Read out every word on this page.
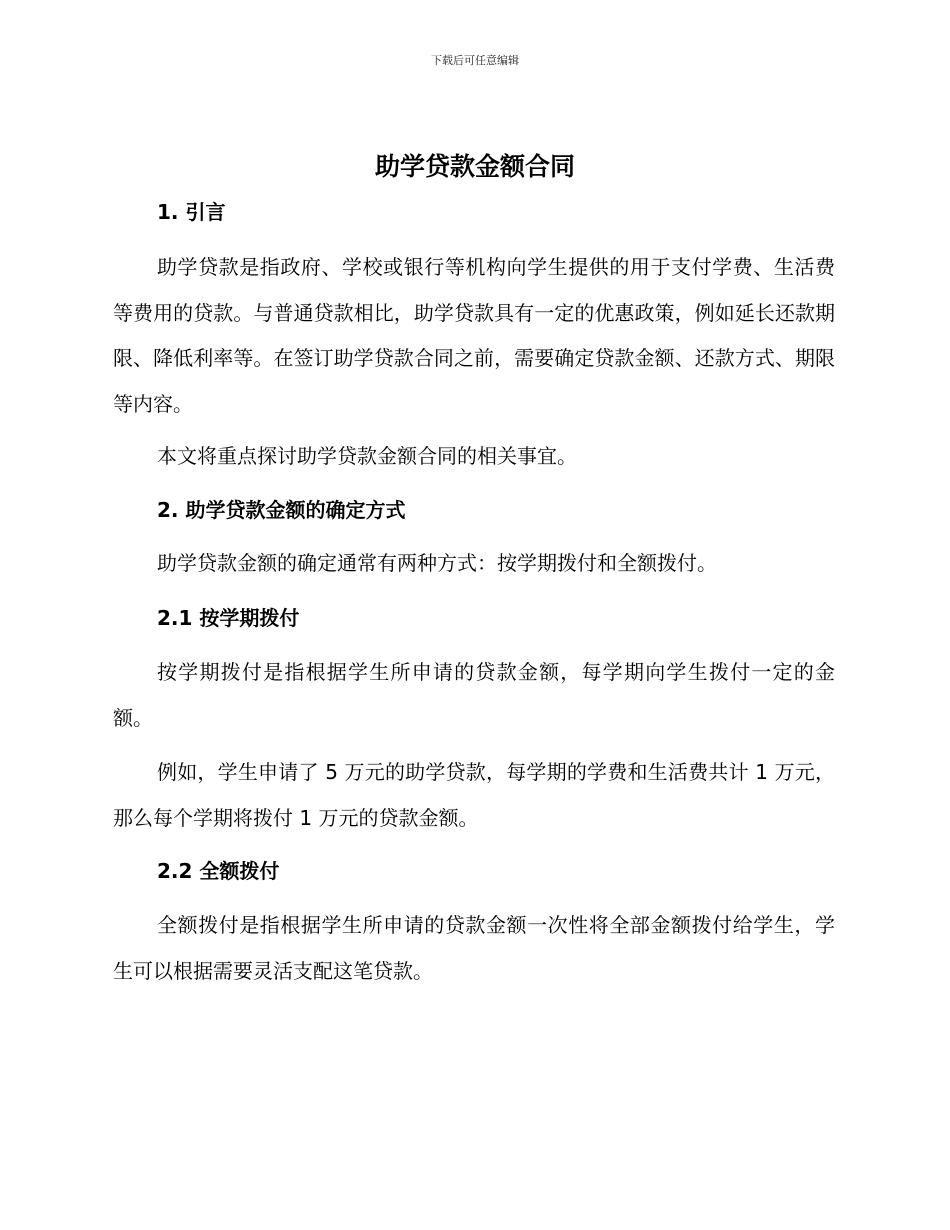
下载后可任意编辑
助学贷款金额合同
1. 引言

助学贷款是指政府、学校或银行等机构向学生提供的用于支付学费、生活费等费用的贷款。与普通贷款相比，助学贷款具有一定的优惠政策，例如延长还款期限、降低利率等。在签订助学贷款合同之前，需要确定贷款金额、还款方式、期限等内容。

本文将重点探讨助学贷款金额合同的相关事宜。

2. 助学贷款金额的确定方式

助学贷款金额的确定通常有两种方式：按学期拨付和全额拨付。

2.1 按学期拨付

按学期拨付是指根据学生所申请的贷款金额，每学期向学生拨付一定的金额。

例如，学生申请了 5 万元的助学贷款，每学期的学费和生活费共计 1 万元，那么每个学期将拨付 1 万元的贷款金额。

2.2 全额拨付

全额拨付是指根据学生所申请的贷款金额一次性将全部金额拨付给学生，学生可以根据需要灵活支配这笔贷款。
